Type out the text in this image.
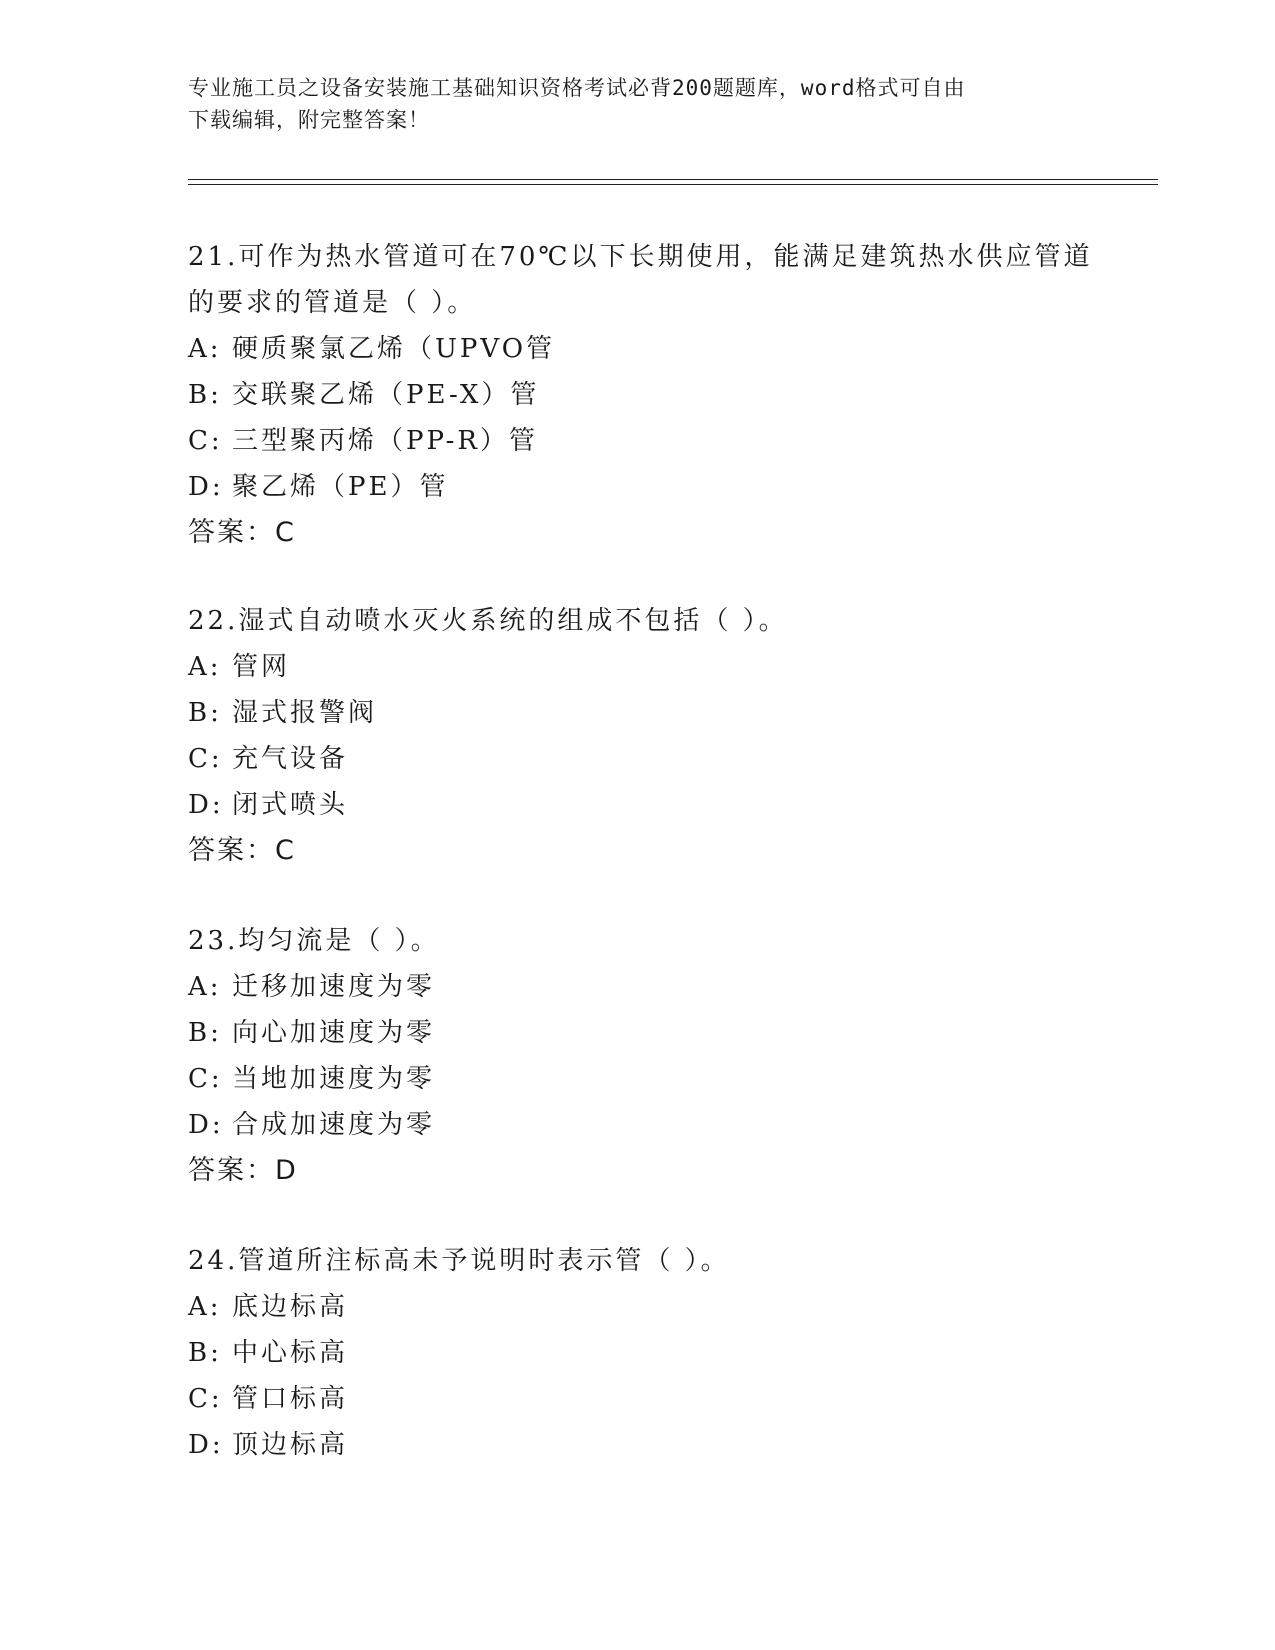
专业施工员之设备安装施工基础知识资格考试必背200题题库，word格式可自由
下载编辑，附完整答案！
21.可作为热水管道可在70℃以下长期使用，能满足建筑热水供应管道
的要求的管道是（ ）。
A: 硬质聚氯乙烯（UPVO管
B: 交联聚乙烯（PE-X）管
C: 三型聚丙烯（PP-R）管
D: 聚乙烯（PE）管
答案：C
22.湿式自动喷水灭火系统的组成不包括（ ）。
A: 管网
B: 湿式报警阀
C: 充气设备
D: 闭式喷头
答案：C
23.均匀流是（ ）。
A: 迁移加速度为零
B: 向心加速度为零
C: 当地加速度为零
D: 合成加速度为零
答案：D
24.管道所注标高未予说明时表示管（ ）。
A: 底边标高
B: 中心标高
C: 管口标高
D: 顶边标高
